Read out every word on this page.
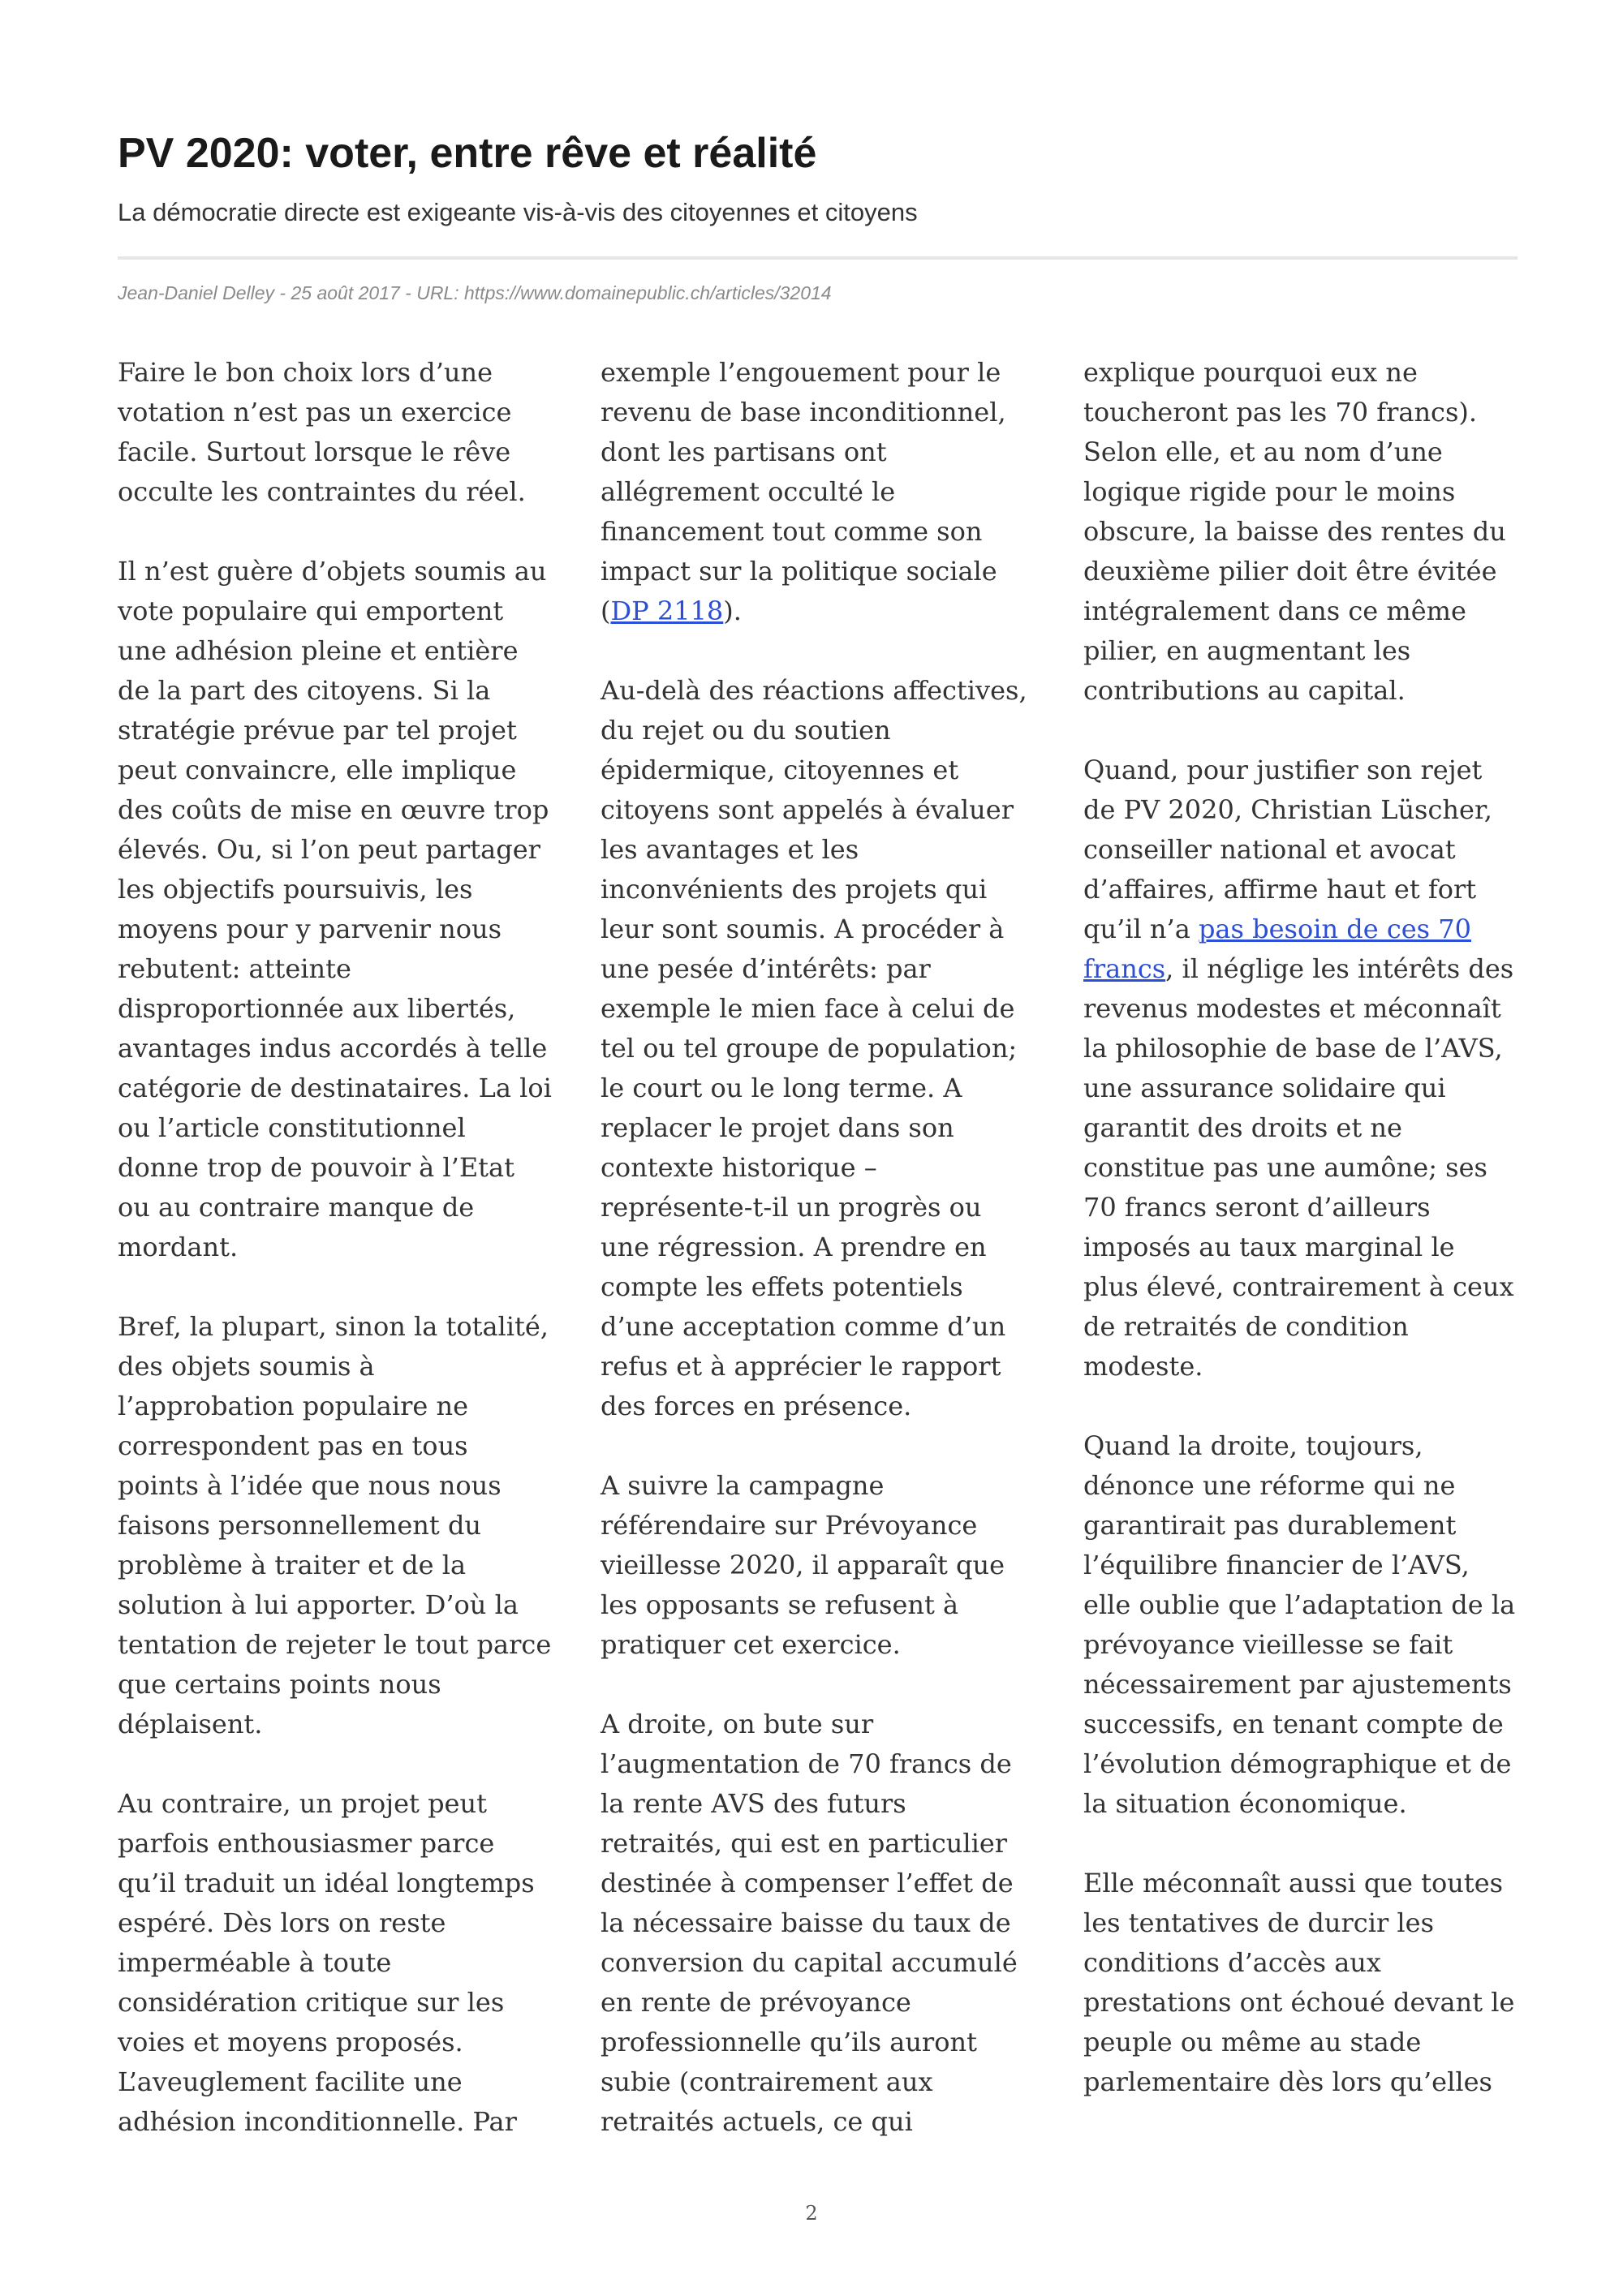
PV 2020: voter, entre rêve et réalité
La démocratie directe est exigeante vis-à-vis des citoyennes et citoyens
Jean-Daniel Delley - 25 août 2017 - URL: https://www.domainepublic.ch/articles/32014

Faire le bon choix lors d’une votation n’est pas un exercice facile. Surtout lorsque le rêve occulte les contraintes du réel.

Il n’est guère d’objets soumis au vote populaire qui emportent une adhésion pleine et entière de la part des citoyens. Si la stratégie prévue par tel projet peut convaincre, elle implique des coûts de mise en œuvre trop élevés. Ou, si l’on peut partager les objectifs poursuivis, les moyens pour y parvenir nous rebutent: atteinte disproportionnée aux libertés, avantages indus accordés à telle catégorie de destinataires. La loi ou l’article constitutionnel donne trop de pouvoir à l’Etat ou au contraire manque de mordant.

Bref, la plupart, sinon la totalité, des objets soumis à l’approbation populaire ne correspondent pas en tous points à l’idée que nous nous faisons personnellement du problème à traiter et de la solution à lui apporter. D’où la tentation de rejeter le tout parce que certains points nous déplaisent.

Au contraire, un projet peut parfois enthousiasmer parce qu’il traduit un idéal longtemps espéré. Dès lors on reste imperméable à toute considération critique sur les voies et moyens proposés. L’aveuglement facilite une adhésion inconditionnelle. Par

exemple l’engouement pour le revenu de base inconditionnel, dont les partisans ont allégrement occulté le financement tout comme son impact sur la politique sociale (DP 2118).

Au-delà des réactions affectives, du rejet ou du soutien épidermique, citoyennes et citoyens sont appelés à évaluer les avantages et les inconvénients des projets qui leur sont soumis. A procéder à une pesée d’intérêts: par exemple le mien face à celui de tel ou tel groupe de population; le court ou le long terme. A replacer le projet dans son contexte historique – représente-t-il un progrès ou une régression. A prendre en compte les effets potentiels d’une acceptation comme d’un refus et à apprécier le rapport des forces en présence.

A suivre la campagne référendaire sur Prévoyance vieillesse 2020, il apparaît que les opposants se refusent à pratiquer cet exercice.

A droite, on bute sur l’augmentation de 70 francs de la rente AVS des futurs retraités, qui est en particulier destinée à compenser l’effet de la nécessaire baisse du taux de conversion du capital accumulé en rente de prévoyance professionnelle qu’ils auront subie (contrairement aux retraités actuels, ce qui

explique pourquoi eux ne toucheront pas les 70 francs). Selon elle, et au nom d’une logique rigide pour le moins obscure, la baisse des rentes du deuxième pilier doit être évitée intégralement dans ce même pilier, en augmentant les contributions au capital.

Quand, pour justifier son rejet de PV 2020, Christian Lüscher, conseiller national et avocat d’affaires, affirme haut et fort qu’il n’a pas besoin de ces 70 francs, il néglige les intérêts des revenus modestes et méconnaît la philosophie de base de l’AVS, une assurance solidaire qui garantit des droits et ne constitue pas une aumône; ses 70 francs seront d’ailleurs imposés au taux marginal le plus élevé, contrairement à ceux de retraités de condition modeste.

Quand la droite, toujours, dénonce une réforme qui ne garantirait pas durablement l’équilibre financier de l’AVS, elle oublie que l’adaptation de la prévoyance vieillesse se fait nécessairement par ajustements successifs, en tenant compte de l’évolution démographique et de la situation économique.

Elle méconnaît aussi que toutes les tentatives de durcir les conditions d’accès aux prestations ont échoué devant le peuple ou même au stade parlementaire dès lors qu’elles

2
